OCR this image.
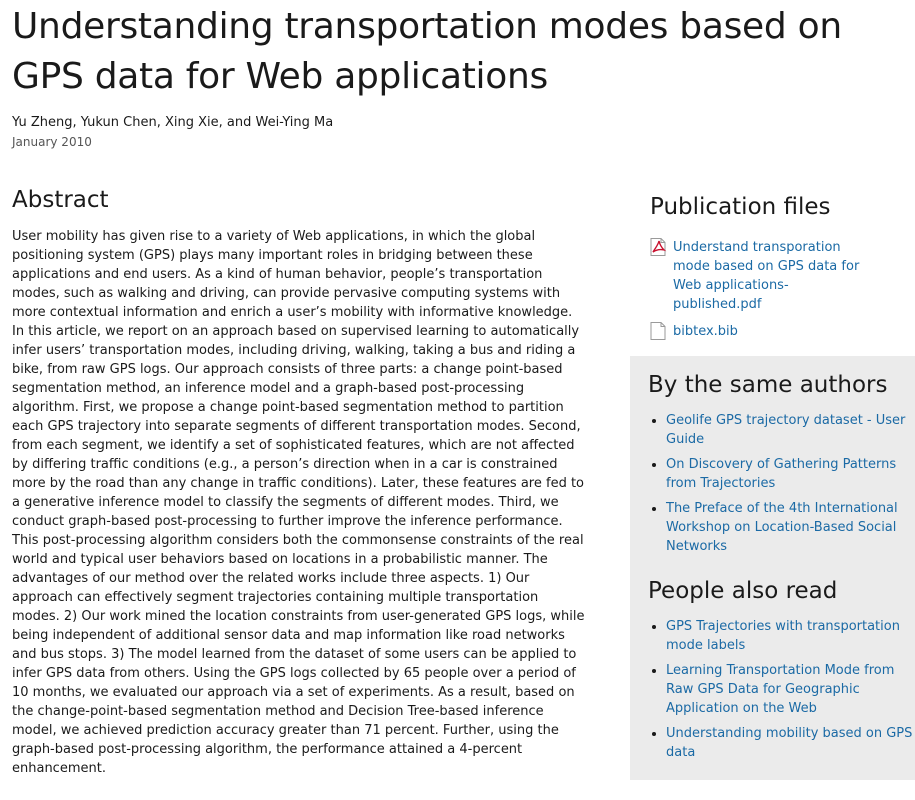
Understanding transportation modes based on GPS data for Web applications

Yu Zheng, Yukun Chen, Xing Xie, and Wei-Ying Ma

January 2010

Abstract

User mobility has given rise to a variety of Web applications, in which the global positioning system (GPS) plays many important roles in bridging between these applications and end users. As a kind of human behavior, people’s transportation modes, such as walking and driving, can provide pervasive computing systems with more contextual information and enrich a user’s mobility with informative knowledge. In this article, we report on an approach based on supervised learning to automatically infer users’ transportation modes, including driving, walking, taking a bus and riding a bike, from raw GPS logs. Our approach consists of three parts: a change point-based segmentation method, an inference model and a graph-based post-processing algorithm. First, we propose a change point-based segmentation method to partition each GPS trajectory into separate segments of different transportation modes. Second, from each segment, we identify a set of sophisticated features, which are not affected by differing traffic conditions (e.g., a person’s direction when in a car is constrained more by the road than any change in traffic conditions). Later, these features are fed to a generative inference model to classify the segments of different modes. Third, we conduct graph-based post-processing to further improve the inference performance. This post-processing algorithm considers both the commonsense constraints of the real world and typical user behaviors based on locations in a probabilistic manner. The advantages of our method over the related works include three aspects. 1) Our approach can effectively segment trajectories containing multiple transportation modes. 2) Our work mined the location constraints from user-generated GPS logs, while being independent of additional sensor data and map information like road networks and bus stops. 3) The model learned from the dataset of some users can be applied to infer GPS data from others. Using the GPS logs collected by 65 people over a period of 10 months, we evaluated our approach via a set of experiments. As a result, based on the change-point-based segmentation method and Decision Tree-based inference model, we achieved prediction accuracy greater than 71 percent. Further, using the graph-based post-processing algorithm, the performance attained a 4-percent enhancement.

Publication files
Understand transporation mode based on GPS data for Web applications-published.pdf
bibtex.bib
By the same authors
• Geolife GPS trajectory dataset - User Guide
• On Discovery of Gathering Patterns from Trajectories
• The Preface of the 4th International Workshop on Location-Based Social Networks
People also read
• GPS Trajectories with transportation mode labels
• Learning Transportation Mode from Raw GPS Data for Geographic Application on the Web
• Understanding mobility based on GPS data
